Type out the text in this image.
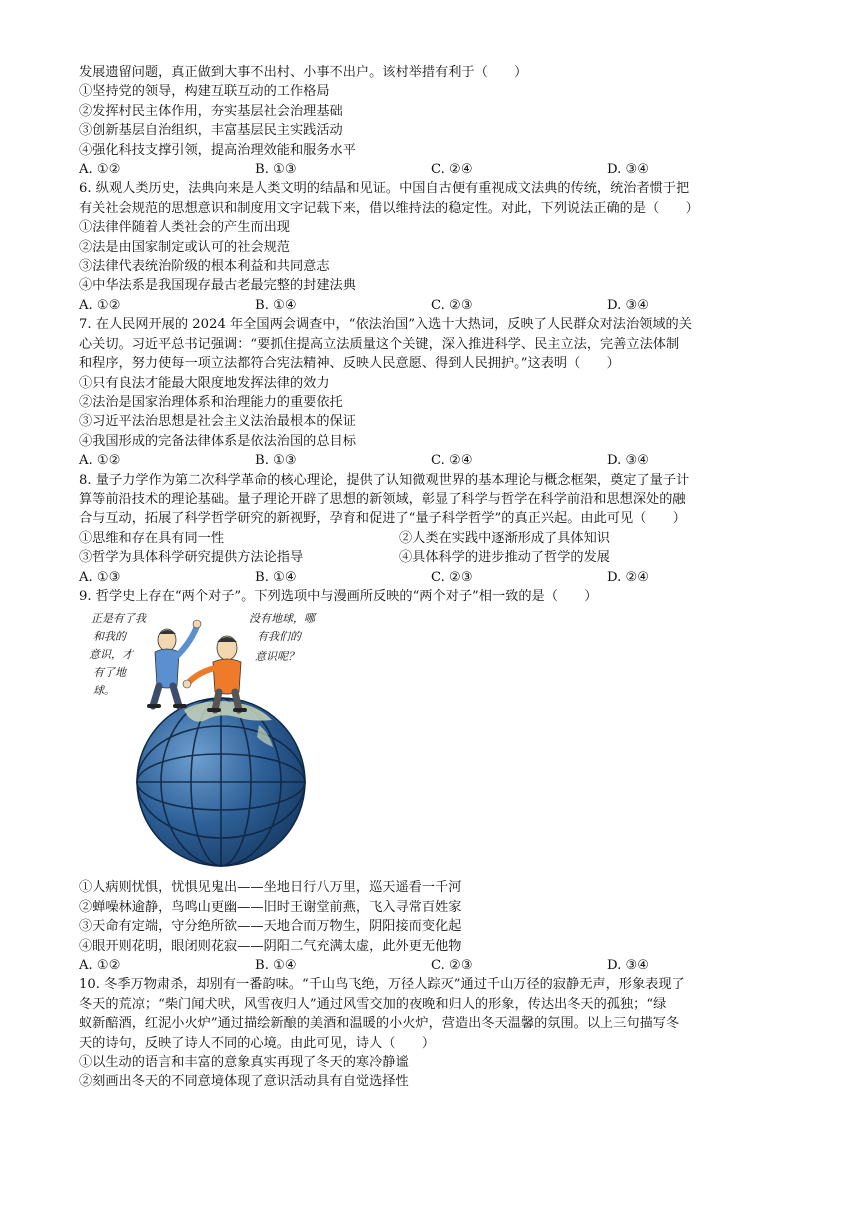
发展遗留问题，真正做到大事不出村、小事不出户。该村举措有利于（　　）
①坚持党的领导，构建互联互动的工作格局
②发挥村民主体作用，夯实基层社会治理基础
③创新基层自治组织，丰富基层民主实践活动
④强化科技支撑引领，提高治理效能和服务水平
A. ①②	B. ①③	C. ②④	D. ③④
6. 纵观人类历史，法典向来是人类文明的结晶和见证。中国自古便有重视成文法典的传统，统治者惯于把
有关社会规范的思想意识和制度用文字记载下来，借以维持法的稳定性。对此，下列说法正确的是（　　）
①法律伴随着人类社会的产生而出现
②法是由国家制定或认可的社会规范
③法律代表统治阶级的根本利益和共同意志
④中华法系是我国现存最古老最完整的封建法典
A. ①②	B. ①④	C. ②③	D. ③④
7. 在人民网开展的 2024 年全国两会调查中，“依法治国”入选十大热词，反映了人民群众对法治领域的关
心关切。习近平总书记强调：“要抓住提高立法质量这个关键，深入推进科学、民主立法，完善立法体制
和程序，努力使每一项立法都符合宪法精神、反映人民意愿、得到人民拥护。”这表明（　　）
①只有良法才能最大限度地发挥法律的效力
②法治是国家治理体系和治理能力的重要依托
③习近平法治思想是社会主义法治最根本的保证
④我国形成的完备法律体系是依法治国的总目标
A. ①②	B. ①③	C. ②④	D. ③④
8. 量子力学作为第二次科学革命的核心理论，提供了认知微观世界的基本理论与概念框架，奠定了量子计
算等前沿技术的理论基础。量子理论开辟了思想的新领域，彰显了科学与哲学在科学前沿和思想深处的融
合与互动，拓展了科学哲学研究的新视野，孕育和促进了“量子科学哲学”的真正兴起。由此可见（　　）
①思维和存在具有同一性	②人类在实践中逐渐形成了具体知识
③哲学为具体科学研究提供方法论指导	④具体科学的进步推动了哲学的发展
A. ①③	B. ①④	C. ②③	D. ②④
9. 哲学史上存在“两个对子”。下列选项中与漫画所反映的“两个对子”相一致的是（　　）
正是有了我
和我的
意识，才
有了地
球。
没有地球，哪
有我们的
意识呢？
①人病则忧惧，忧惧见鬼出——坐地日行八万里，巡天遥看一千河
②蝉噪林逾静，鸟鸣山更幽——旧时王谢堂前燕，飞入寻常百姓家
③天命有定端，守分绝所欲——天地合而万物生，阴阳接而变化起
④眼开则花明，眼闭则花寂——阴阳二气充满太虚，此外更无他物
A. ①②	B. ①④	C. ②③	D. ③④
10. 冬季万物肃杀，却别有一番韵味。“千山鸟飞绝，万径人踪灭”通过千山万径的寂静无声，形象表现了
冬天的荒凉；“柴门闻犬吠，风雪夜归人”通过风雪交加的夜晚和归人的形象，传达出冬天的孤独；“绿
蚁新醅酒，红泥小火炉”通过描绘新酿的美酒和温暖的小火炉，营造出冬天温馨的氛围。以上三句描写冬
天的诗句，反映了诗人不同的心境。由此可见，诗人（　　）
①以生动的语言和丰富的意象真实再现了冬天的寒冷静谧
②刻画出冬天的不同意境体现了意识活动具有自觉选择性
